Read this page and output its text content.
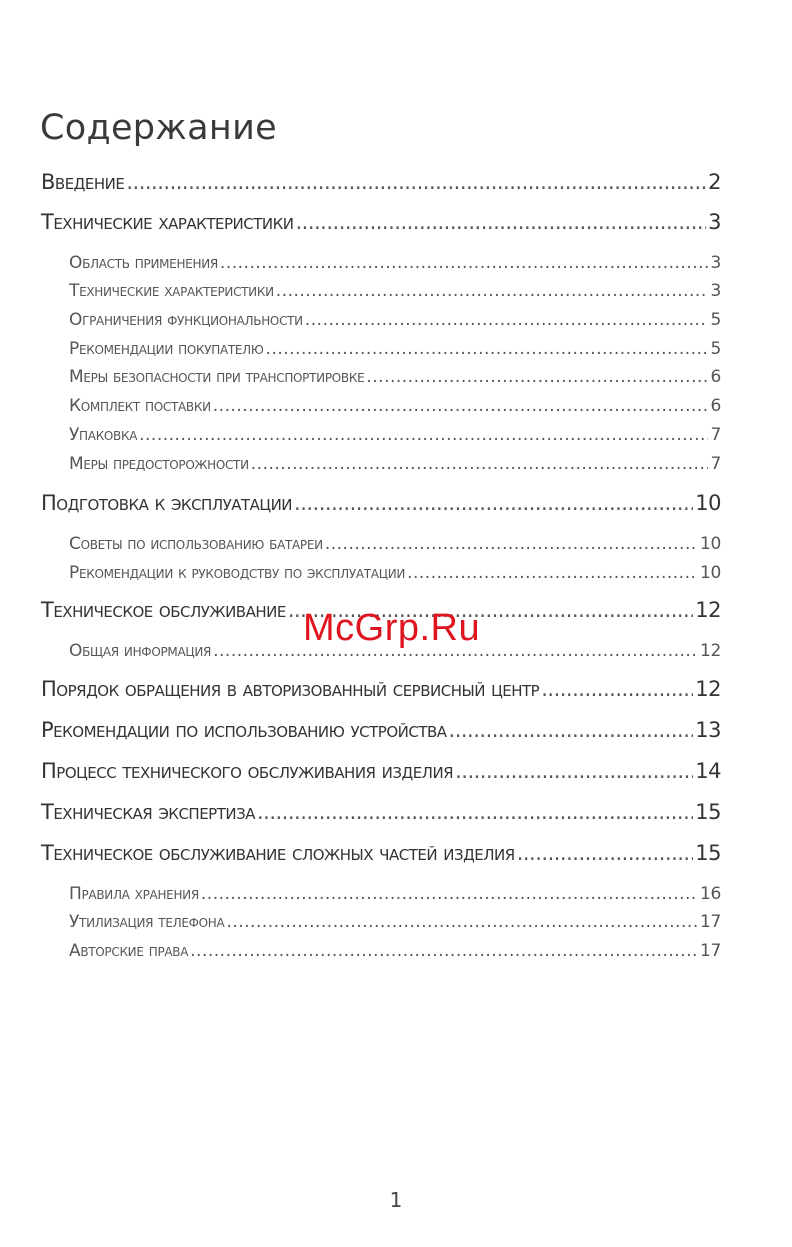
Содержание
Введение .....	2
Технические характеристики .....	3
Область применения .....	3
Технические характеристики .....	3
Ограничения функциональности .....	5
Рекомендации покупателю .....	5
Меры безопасности при транспортировке .....	6
Комплект поставки .....	6
Упаковка .....	7
Меры предосторожности .....	7
Подготовка к эксплуатации .....	10
Советы по использованию батареи .....	10
Рекомендации к руководству по эксплуатации .....	10
Техническое обслуживание .....	12
Общая информация .....	12
Порядок обращения в авторизованный сервисный центр .....	12
Рекомендации по использованию устройства .....	13
Процесс технического обслуживания изделия .....	14
Техническая экспертиза .....	15
Техническое обслуживание сложных частей изделия .....	15
Правила хранения .....	16
Утилизация телефона .....	17
Авторские права .....	17
McGrp.Ru
1
